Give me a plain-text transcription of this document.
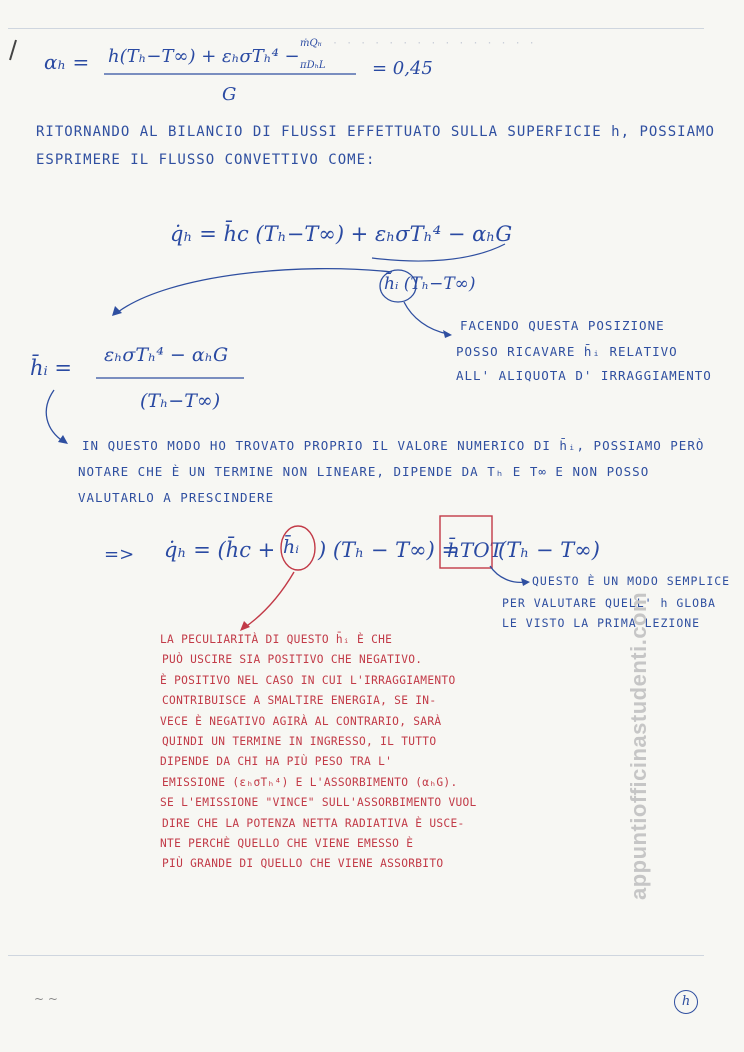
αₕ = h(Tₕ−T∞) + εₕσTₕ⁴ −
ṁQₕ
πDₕL
G
= 0,45
· · · · · · · · · · · · · · · ·
RITORNANDO AL BILANCIO DI FLUSSI EFFETTUATO SULLA SUPERFICIE h, POSSIAMO
ESPRIMERE IL FLUSSO CONVETTIVO COME:
q̇ₕ = h̄c (Tₕ−T∞) + εₕσTₕ⁴ − αₕG
h̄ᵢ (Tₕ−T∞)
FACENDO QUESTA POSIZIONE
POSSO RICAVARE h̄ᵢ RELATIVO
ALL' ALIQUOTA D' IRRAGGIAMENTO
h̄ᵢ =
εₕσTₕ⁴ − αₕG
(Tₕ−T∞)
IN QUESTO MODO HO TROVATO PROPRIO IL VALORE NUMERICO DI h̄ᵢ, POSSIAMO PERÒ
NOTARE CHE È UN TERMINE NON LINEARE, DIPENDE DA Tₕ E T∞ E NON POSSO
VALUTARLO A PRESCINDERE
=> q̇ₕ = (h̄c + h̄ᵢ ) (Tₕ − T∞) =
h̄TOT
(Tₕ − T∞)
QUESTO È UN MODO SEMPLICE
PER VALUTARE QUELL' h GLOBA
LE VISTO LA PRIMA LEZIONE
LA PECULIARITÀ DI QUESTO h̄ᵢ È CHE
PUÒ USCIRE SIA POSITIVO CHE NEGATIVO.
È POSITIVO NEL CASO IN CUI L'IRRAGGIAMENTO
CONTRIBUISCE A SMALTIRE ENERGIA, SE IN-
VECE È NEGATIVO AGIRÀ AL CONTRARIO, SARÀ
QUINDI UN TERMINE IN INGRESSO, IL TUTTO
DIPENDE DA CHI HA PIÙ PESO TRA L'
EMISSIONE (εₕσTₕ⁴) E L'ASSORBIMENTO (αₕG).
SE L'EMISSIONE "VINCE" SULL'ASSORBIMENTO VUOL
DIRE CHE LA POTENZA NETTA RADIATIVA È USCE-
NTE PERCHÈ QUELLO CHE VIENE EMESSO È
PIÙ GRANDE DI QUELLO CHE VIENE ASSORBITO	appuntiofficinastudenti.com
~ ~	h
